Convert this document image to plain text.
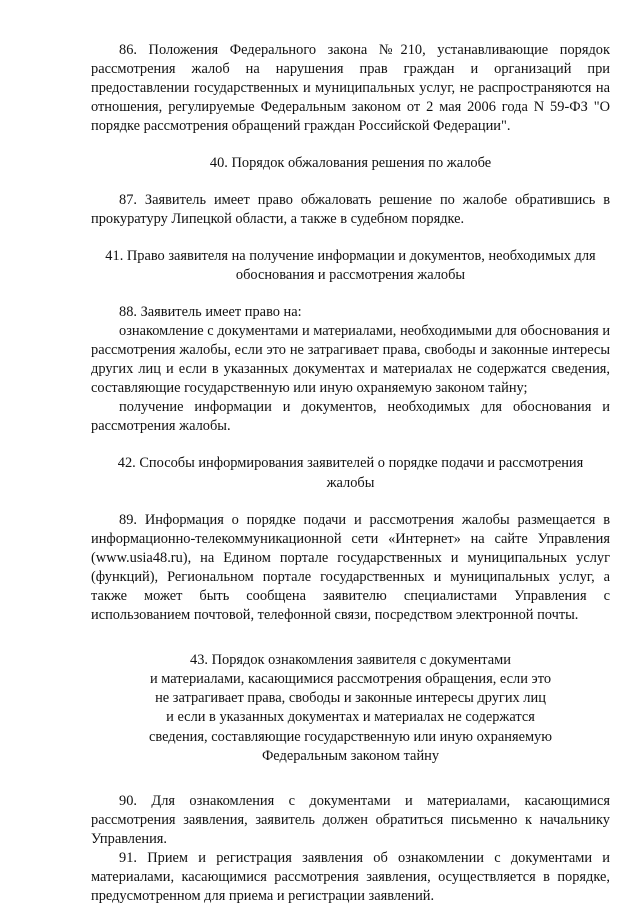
86. Положения Федерального закона №210, устанавливающие порядок рассмотрения жалоб на нарушения прав граждан и организаций при предоставлении государственных и муниципальных услуг, не распространяются на отношения, регулируемые Федеральным законом от 2 мая 2006 года N 59-ФЗ "О порядке рассмотрения обращений граждан Российской Федерации".

40. Порядок обжалования решения по жалобе

87. Заявитель имеет право обжаловать решение по жалобе обратившись в прокуратуру Липецкой области, а также в судебном порядке.

41. Право заявителя на получение информации и документов, необходимых для
обоснования и рассмотрения жалобы

88. Заявитель имеет право на:

ознакомление с документами и материалами, необходимыми для обоснования и рассмотрения жалобы, если это не затрагивает права, свободы и законные интересы других лиц и если в указанных документах и материалах не содержатся сведения, составляющие государственную или иную охраняемую законом тайну;

получение информации и документов, необходимых для обоснования и рассмотрения жалобы.

42. Способы информирования заявителей о порядке подачи и рассмотрения
жалобы

89. Информация о порядке подачи и рассмотрения жалобы размещается в информационно-телекоммуникационной сети «Интернет» на сайте Управления (www.usia48.ru), на Едином портале государственных и муниципальных услуг (функций), Региональном портале государственных и муниципальных услуг, а также может быть сообщена заявителю специалистами Управления с использованием почтовой, телефонной связи, посредством электронной почты.

43. Порядок ознакомления заявителя с документами
и материалами, касающимися рассмотрения обращения, если это
не затрагивает права, свободы и законные интересы других лиц
и если в указанных документах и материалах не содержатся
сведения, составляющие государственную или иную охраняемую
Федеральным законом тайну

90. Для ознакомления с документами и материалами, касающимися рассмотрения заявления, заявитель должен обратиться письменно к начальнику Управления.

91. Прием и регистрация заявления об ознакомлении с документами и материалами, касающимися рассмотрения заявления, осуществляется в порядке, предусмотренном для приема и регистрации заявлений.
